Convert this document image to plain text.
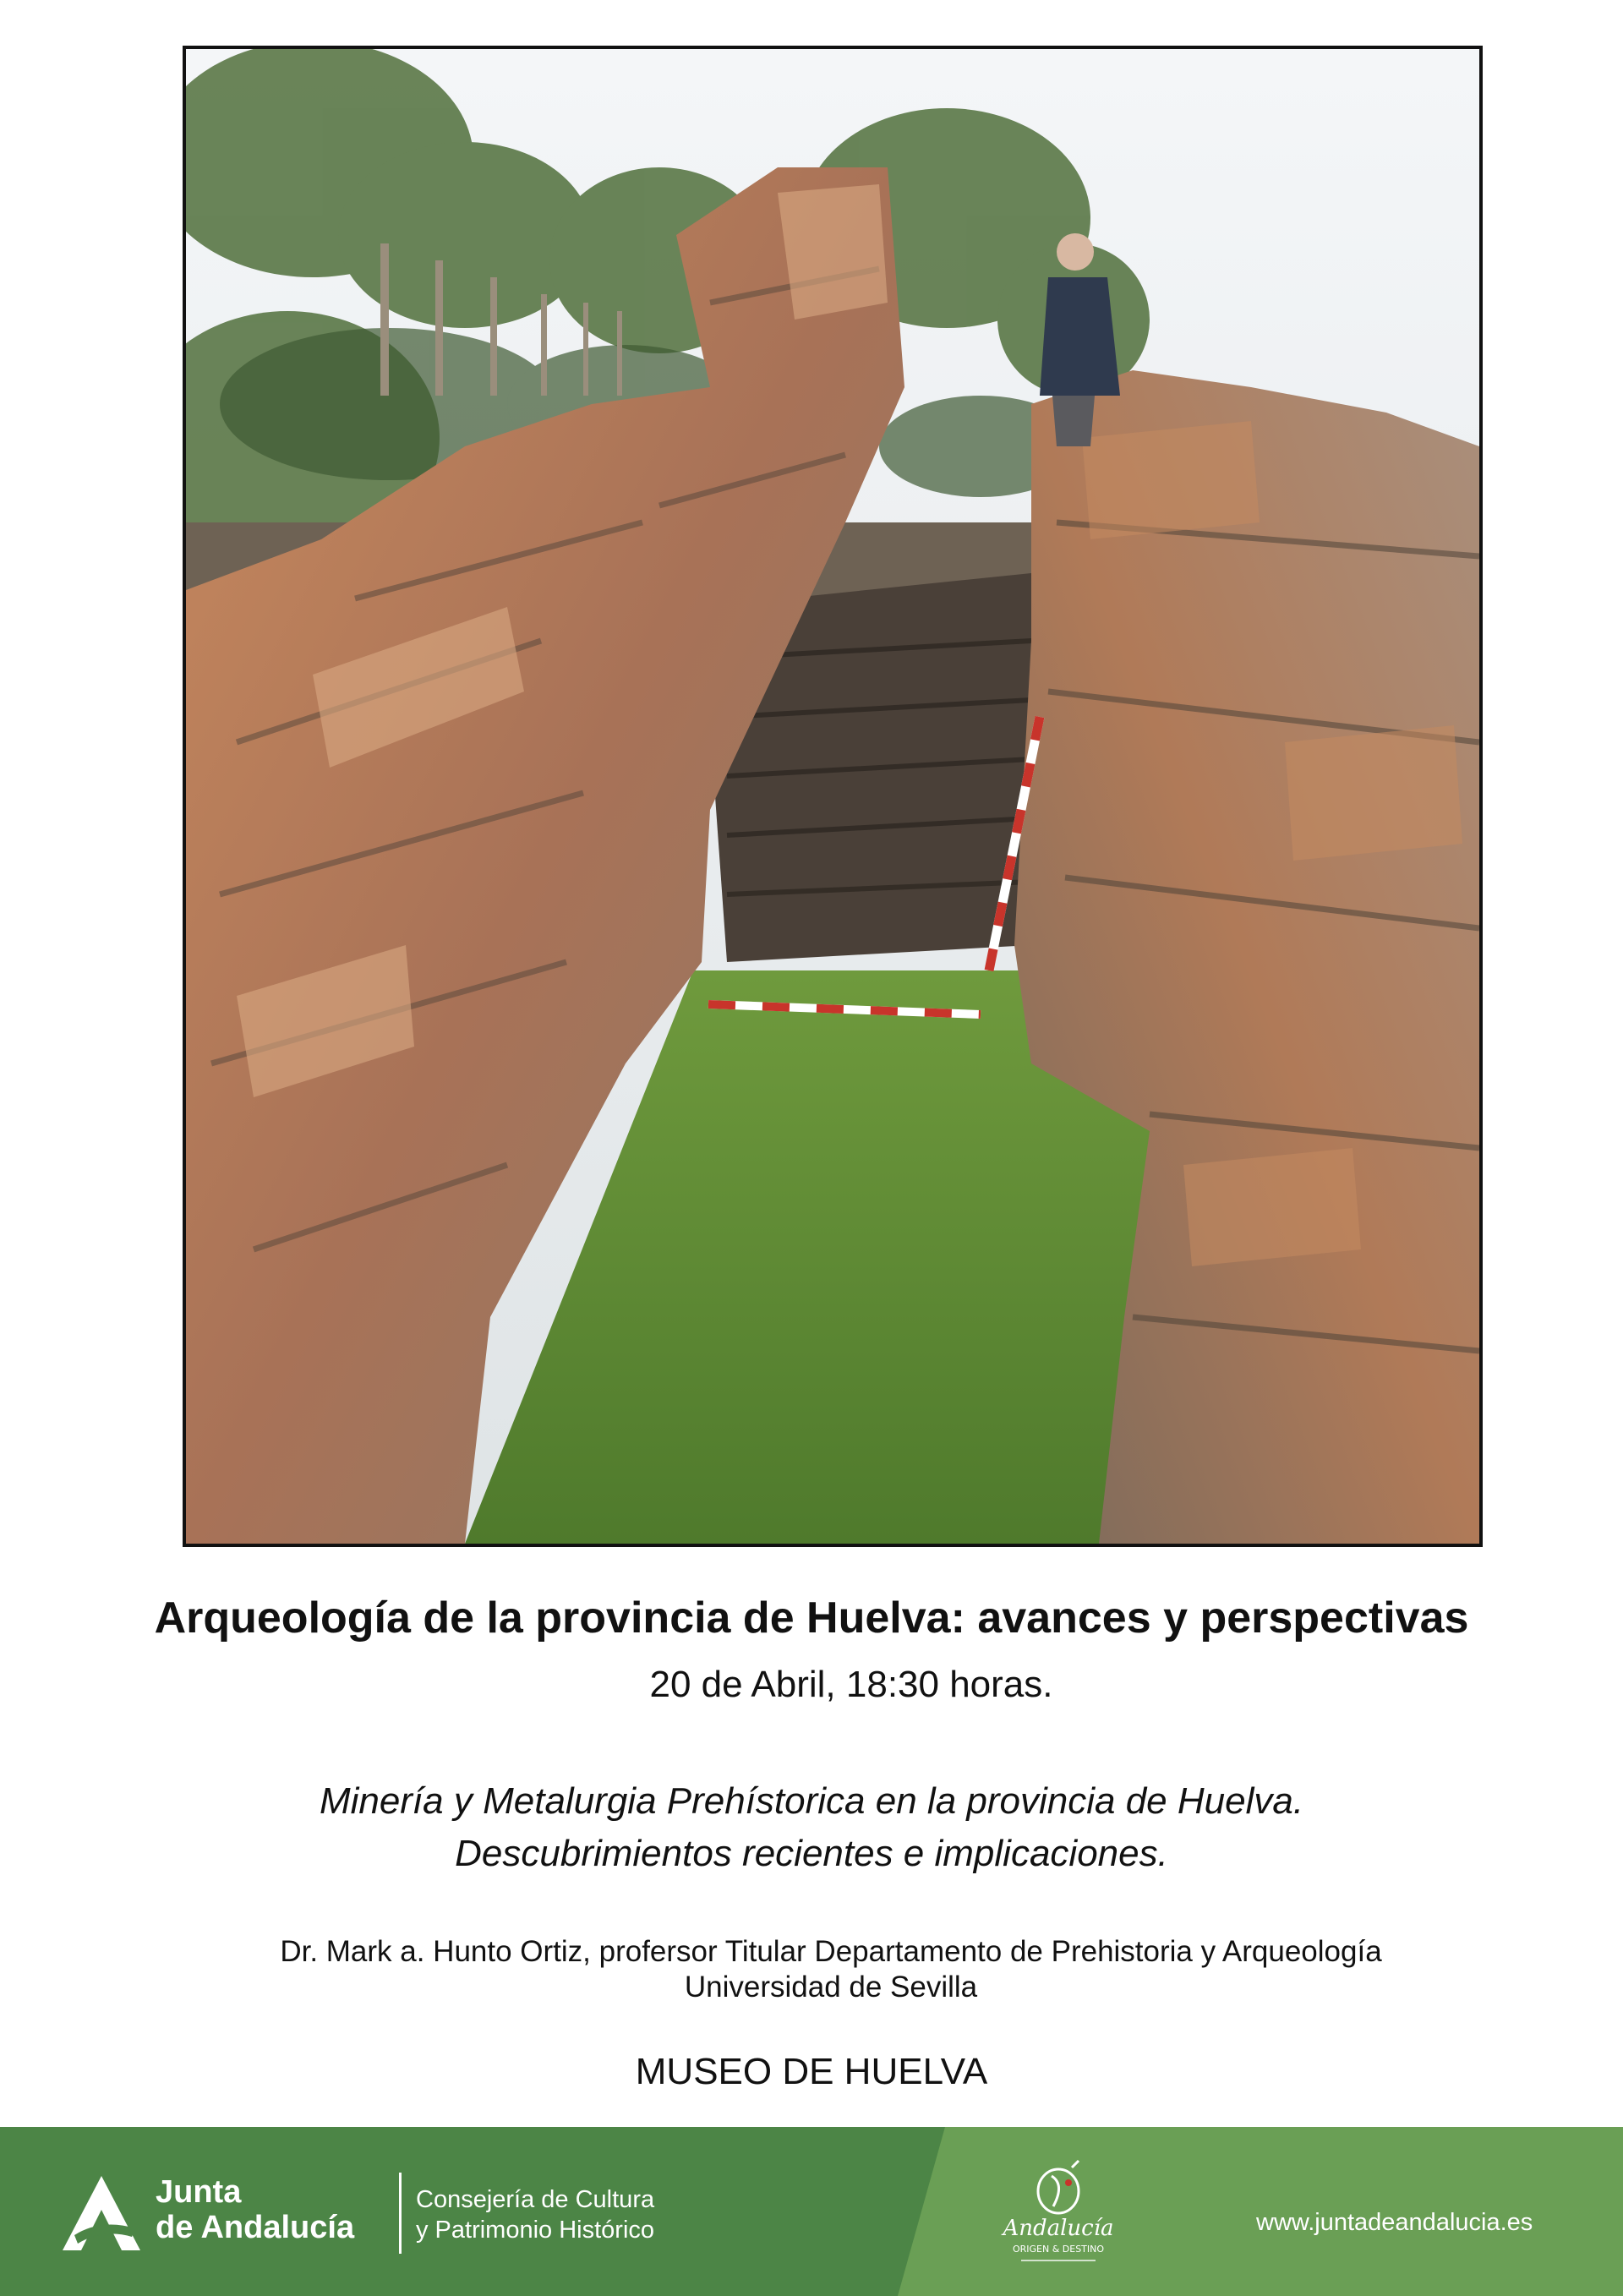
Arqueología de la provincia de Huelva: avances y perspectivas
20 de Abril, 18:30 horas.
Minería y Metalurgia Prehístorica en la provincia de Huelva.
Descubrimientos recientes e implicaciones.
Dr. Mark a. Hunto Ortiz, profersor Titular Departamento de Prehistoria y Arqueología
Universidad de Sevilla
MUSEO DE HUELVA
Junta
de Andalucía
Consejería de Cultura
y Patrimonio Histórico	Andalucía
ORIGEN & DESTINO
www.juntadeandalucia.es
